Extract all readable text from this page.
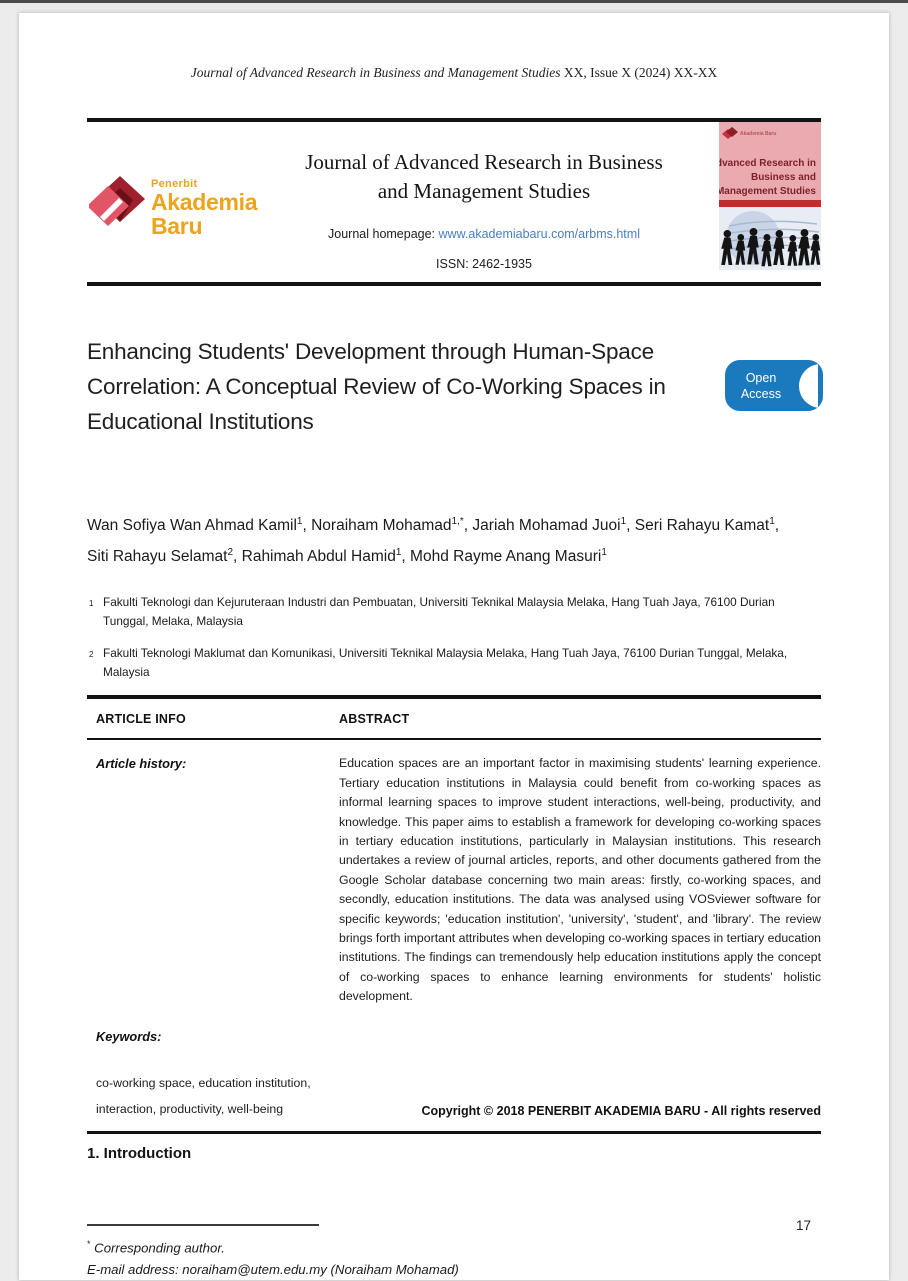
Journal of Advanced Research in Business and Management Studies XX, Issue X (2024) XX-XX
Penerbit
Akademia Baru
Journal of Advanced Research in Business
and Management Studies
Journal homepage: www.akademiabaru.com/arbms.html
ISSN: 2462-1935
Akademia Baru
Advanced Research in
Business and
Management Studies
Enhancing Students' Development through Human-Space Correlation: A Conceptual Review of Co-Working Spaces in Educational Institutions
Open
Access
Wan Sofiya Wan Ahmad Kamil$^1$, Noraiham Mohamad$^{1,*}$, Jariah Mohamad Juoi$^1$, Seri Rahayu Kamat$^1$, Siti Rahayu Selamat$^2$, Rahimah Abdul Hamid$^1$, Mohd Rayme Anang Masuri$^1$
1 Fakulti Teknologi dan Kejuruteraan Industri dan Pembuatan, Universiti Teknikal Malaysia Melaka, Hang Tuah Jaya, 76100 Durian Tunggal, Melaka, Malaysia
2 Fakulti Teknologi Maklumat dan Komunikasi, Universiti Teknikal Malaysia Melaka, Hang Tuah Jaya, 76100 Durian Tunggal, Melaka, Malaysia
ARTICLE INFO	ABSTRACT
Article history:	Education spaces are an important factor in maximising students' learning experience. Tertiary education institutions in Malaysia could benefit from co-working spaces as informal learning spaces to improve student interactions, well-being, productivity, and knowledge. This paper aims to establish a framework for developing co-working spaces in tertiary education institutions, particularly in Malaysian institutions. This research undertakes a review of journal articles, reports, and other documents gathered from the Google Scholar database concerning two main areas: firstly, co-working spaces, and secondly, education institutions. The data was analysed using VOSviewer software for specific keywords; 'education institution', 'university', 'student', and 'library'. The review brings forth important attributes when developing co-working spaces in tertiary education institutions. The findings can tremendously help education institutions apply the concept of co-working spaces to enhance learning environments for students' holistic development.

Keywords:
co-working space, education institution, interaction, productivity, well-being	Copyright © 2018 PENERBIT AKADEMIA BARU - All rights reserved
1. Introduction

* Corresponding author.

E-mail address: noraiham@utem.edu.my (Noraiham Mohamad)

17
